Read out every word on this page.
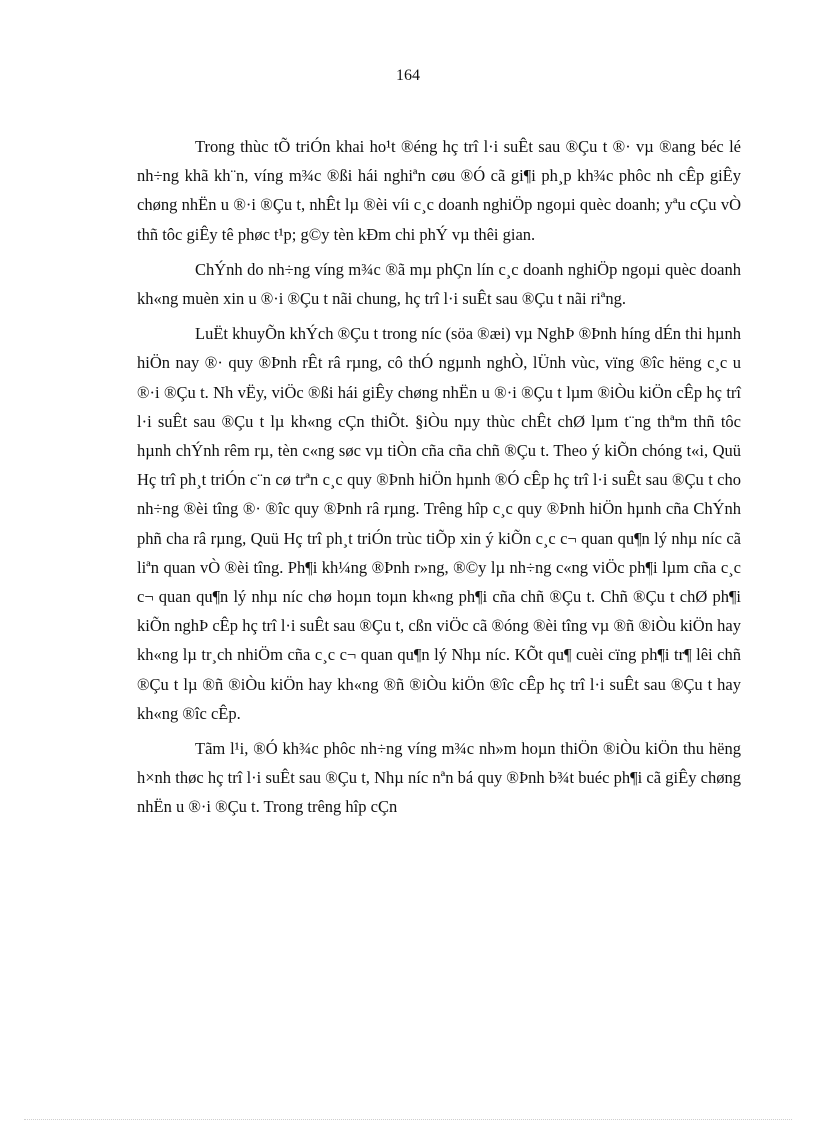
164

Trong thùc tÕ triÓn khai ho¹t ®éng hç trî l·i suÊt sau ®Çu t ®· vµ ®ang béc lé nh÷ng khã kh¨n, víng m¾c ®ßi hái nghiªn cøu ®Ó cã gi¶i ph¸p kh¾c phôc nh cÊp giÊy chøng nhËn u ®·i ®Çu t, nhÊt lµ ®èi víi c¸c doanh nghiÖp ngoµi quèc doanh; yªu cÇu vÒ thñ tôc giÊy tê phøc t¹p; g©y tèn kÐm chi phÝ vµ thêi gian.

ChÝnh do nh÷ng víng m¾c ®ã mµ phÇn lín c¸c doanh nghiÖp ngoµi quèc doanh kh«ng muèn xin u ®·i ®Çu t nãi chung, hç trî l·i suÊt sau ®Çu t nãi riªng.

LuËt khuyÕn khÝch ®Çu t trong níc (söa ®æi) vµ NghÞ ®Þnh híng dÉn thi hµnh hiÖn nay ®· quy ®Þnh rÊt râ rµng, cô thÓ ngµnh nghÒ, lÜnh vùc, vïng ®îc hëng c¸c u ®·i ®Çu t. Nh vËy, viÖc ®ßi hái giÊy chøng nhËn u ®·i ®Çu t lµm ®iÒu kiÖn cÊp hç trî l·i suÊt sau ®Çu t lµ kh«ng cÇn thiÕt. §iÒu nµy thùc chÊt chØ lµm t¨ng thªm thñ tôc hµnh chÝnh rêm rµ, tèn c«ng søc vµ tiÒn cña cña chñ ®Çu t. Theo ý kiÕn chóng t«i, Quü Hç trî ph¸t triÓn c¨n cø trªn c¸c quy ®Þnh hiÖn hµnh ®Ó cÊp hç trî l·i suÊt sau ®Çu t cho nh÷ng ®èi tîng ®· ®îc quy ®Þnh râ rµng. Trêng hîp c¸c quy ®Þnh hiÖn hµnh cña ChÝnh phñ cha râ rµng, Quü Hç trî ph¸t triÓn trùc tiÕp xin ý kiÕn c¸c c¬ quan qu¶n lý nhµ níc cã liªn quan vÒ ®èi tîng. Ph¶i kh¼ng ®Þnh r»ng, ®©y lµ nh÷ng c«ng viÖc ph¶i lµm cña c¸c c¬ quan qu¶n lý nhµ níc chø hoµn toµn kh«ng ph¶i cña chñ ®Çu t. Chñ ®Çu t chØ ph¶i kiÕn nghÞ cÊp hç trî l·i suÊt sau ®Çu t, cßn viÖc cã ®óng ®èi tîng vµ ®ñ ®iÒu kiÖn hay kh«ng lµ tr¸ch nhiÖm cña c¸c c¬ quan qu¶n lý Nhµ níc. KÕt qu¶ cuèi cïng ph¶i tr¶ lêi chñ ®Çu t lµ ®ñ ®iÒu kiÖn hay kh«ng ®ñ ®iÒu kiÖn ®îc cÊp hç trî l·i suÊt sau ®Çu t hay kh«ng ®îc cÊp.

Tãm l¹i, ®Ó kh¾c phôc nh÷ng víng m¾c nh»m hoµn thiÖn ®iÒu kiÖn thu hëng h×nh thøc hç trî l·i suÊt sau ®Çu t, Nhµ níc nªn bá quy ®Þnh b¾t buéc ph¶i cã giÊy chøng nhËn u ®·i ®Çu t. Trong trêng hîp cÇn
